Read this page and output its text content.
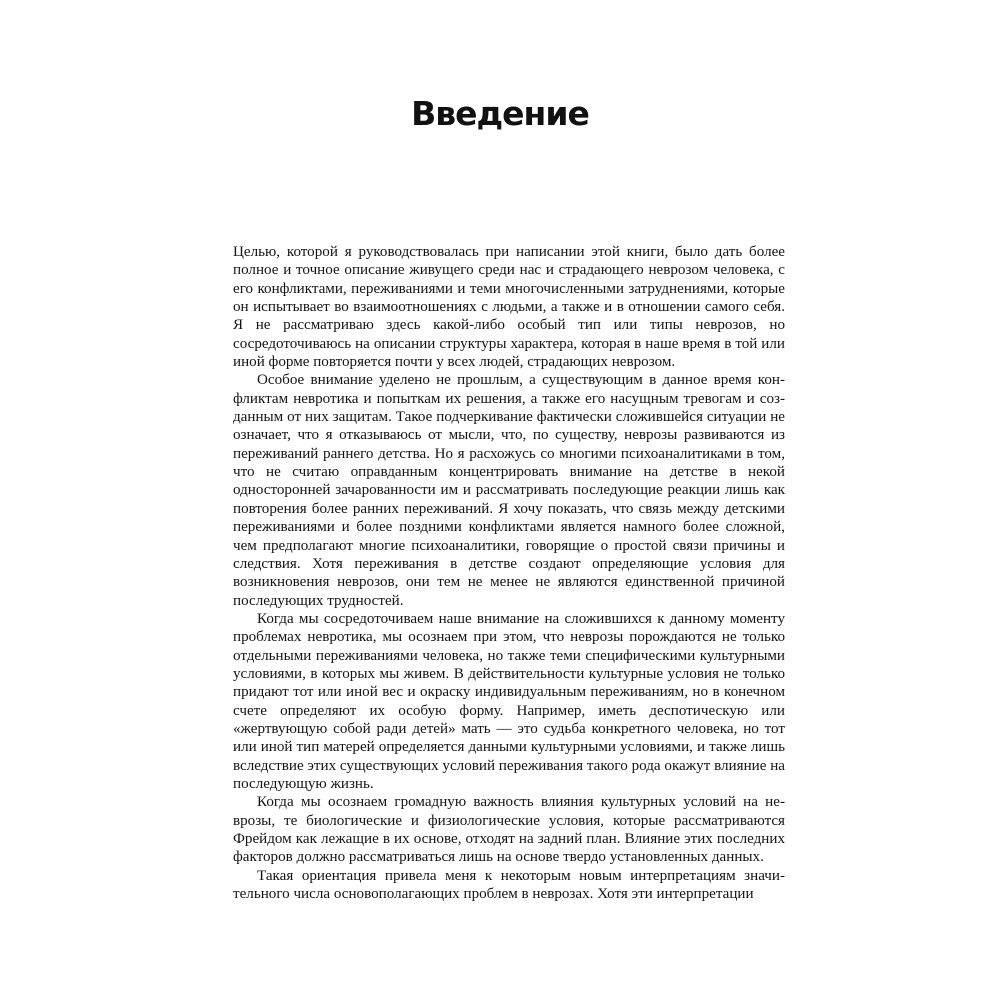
Введение

Целью, которой я руководствовалась при написании этой книги, было дать более полное и точное описание живущего среди нас и страдающего неврозом человека, с его конфликтами, переживаниями и теми многочисленными затруднениями, которые он испытывает во взаимоотношениях с людьми, а также и в отношении самого себя. Я не рассматриваю здесь какой-либо особый тип или типы неврозов, но сосредоточиваюсь на описании структуры характера, которая в наше время в той или иной форме повторяется почти у всех людей, страдающих неврозом.

Особое внимание уделено не прошлым, а существующим в данное время конфликтам невротика и попыткам их решения, а также его насущным тревогам и созданным от них защитам. Такое подчеркивание фактически сложившейся ситуации не означает, что я отказываюсь от мысли, что, по существу, неврозы развиваются из переживаний раннего детства. Но я расхожусь со многими психоаналитиками в том, что не считаю оправданным концентрировать внимание на детстве в некой односторонней зачарованности им и рассматривать последующие реакции лишь как повторения более ранних переживаний. Я хочу показать, что связь между детскими переживаниями и более поздними конфликтами является намного более сложной, чем предполагают многие психоаналитики, говорящие о простой связи причины и следствия. Хотя переживания в детстве создают определяющие условия для возникновения неврозов, они тем не менее не являются единственной причиной последующих трудностей.

Когда мы сосредоточиваем наше внимание на сложившихся к данному моменту проблемах невротика, мы осознаем при этом, что неврозы порождаются не только отдельными переживаниями человека, но также теми специфическими культурными условиями, в которых мы живем. В действительности культурные условия не только придают тот или иной вес и окраску индивидуальным переживаниям, но в конечном счете определяют их особую форму. Например, иметь деспотическую или «жертвующую собой ради детей» мать — это судьба конкретного человека, но тот или иной тип матерей определяется данными культурными условиями, и также лишь вследствие этих существующих условий переживания такого рода окажут влияние на последующую жизнь.

Когда мы осознаем громадную важность влияния культурных условий на неврозы, те биологические и физиологические условия, которые рассматриваются Фрейдом как лежащие в их основе, отходят на задний план. Влияние этих последних факторов должно рассматриваться лишь на основе твердо установленных данных.

Такая ориентация привела меня к некоторым новым интерпретациям значительного числа основополагающих проблем в неврозах. Хотя эти интерпретации
